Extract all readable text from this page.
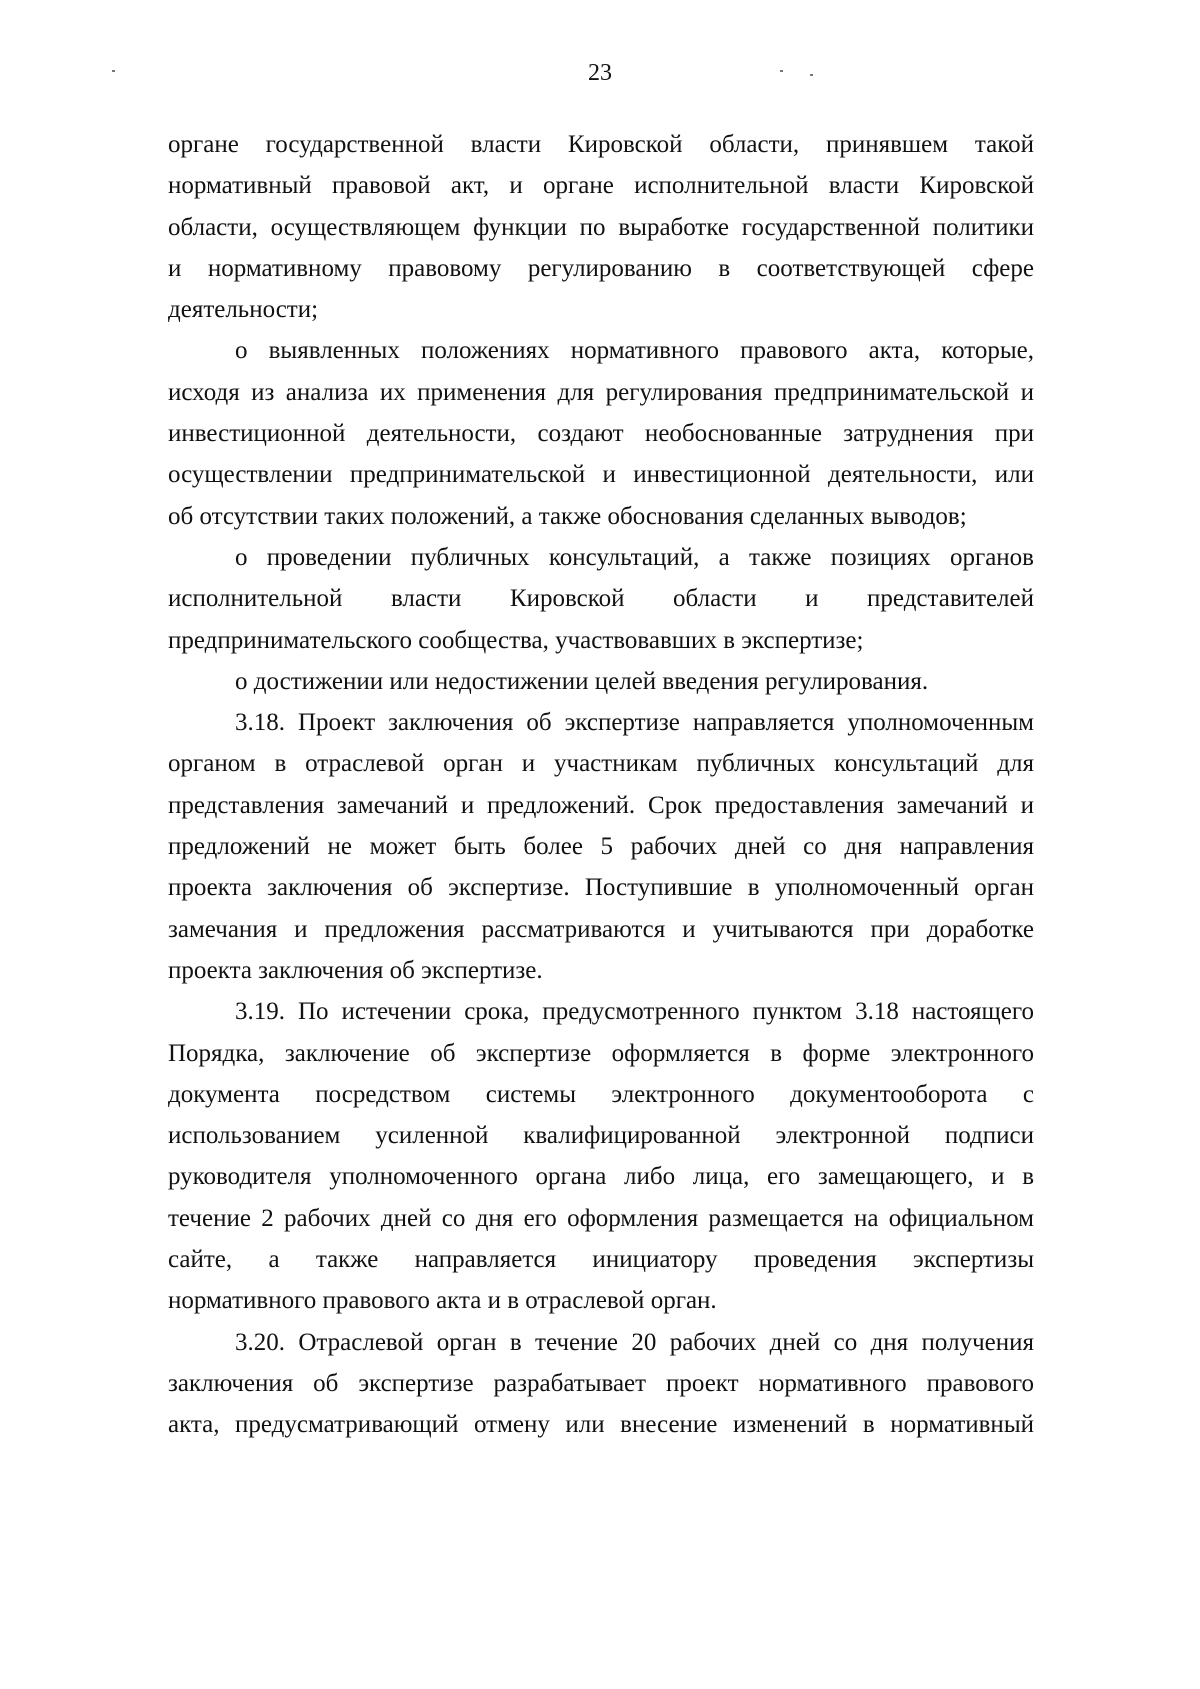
23
органе государственной власти Кировской области, принявшем такой
нормативный правовой акт, и органе исполнительной власти Кировской
области, осуществляющем функции по выработке государственной политики
и нормативному правовому регулированию в соответствующей сфере
деятельности;
о выявленных положениях нормативного правового акта, которые,
исходя из анализа их применения для регулирования предпринимательской и
инвестиционной деятельности, создают необоснованные затруднения при
осуществлении предпринимательской и инвестиционной деятельности, или
об отсутствии таких положений, а также обоснования сделанных выводов;
о проведении публичных консультаций, а также позициях органов
исполнительной власти Кировской области и представителей
предпринимательского сообщества, участвовавших в экспертизе;
о достижении или недостижении целей введения регулирования.
3.18. Проект заключения об экспертизе направляется уполномоченным
органом в отраслевой орган и участникам публичных консультаций для
представления замечаний и предложений. Срок предоставления замечаний и
предложений не может быть более 5 рабочих дней со дня направления
проекта заключения об экспертизе. Поступившие в уполномоченный орган
замечания и предложения рассматриваются и учитываются при доработке
проекта заключения об экспертизе.
3.19. По истечении срока, предусмотренного пунктом 3.18 настоящего
Порядка, заключение об экспертизе оформляется в форме электронного
документа посредством системы электронного документооборота с
использованием усиленной квалифицированной электронной подписи
руководителя уполномоченного органа либо лица, его замещающего, и в
течение 2 рабочих дней со дня его оформления размещается на официальном
сайте, а также направляется инициатору проведения экспертизы
нормативного правового акта и в отраслевой орган.
3.20. Отраслевой орган в течение 20 рабочих дней со дня получения
заключения об экспертизе разрабатывает проект нормативного правового
акта, предусматривающий отмену или внесение изменений в нормативный
